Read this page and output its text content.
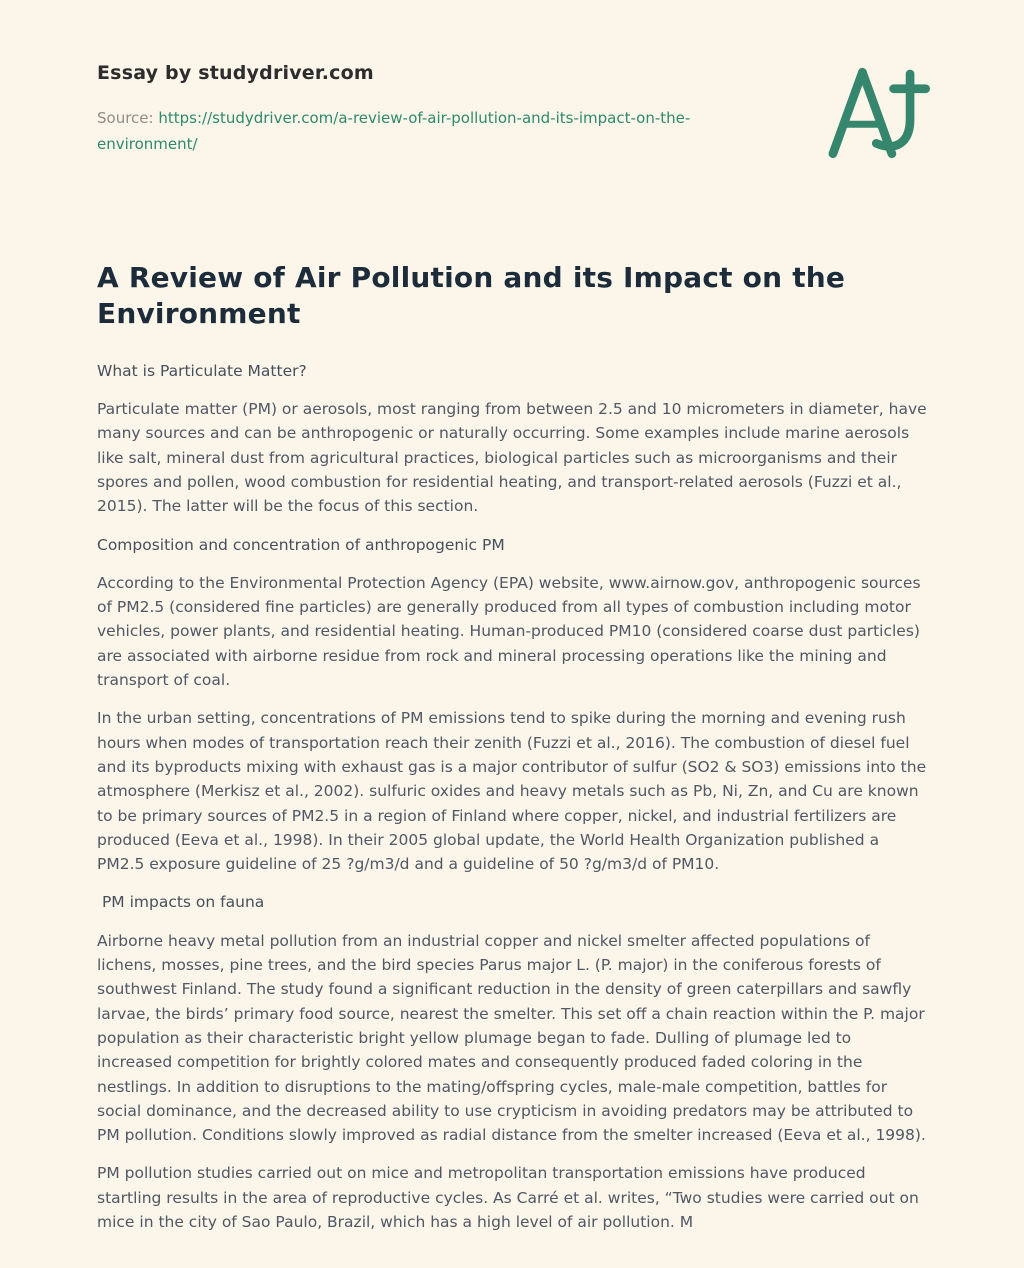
Essay by studydriver.com

Source: https://studydriver.com/a-review-of-air-pollution-and-its-impact-on-the-environment/

A Review of Air Pollution and its Impact on the Environment
What is Particulate Matter?

Particulate matter (PM) or aerosols, most ranging from between 2.5 and 10 micrometers in diameter, have many sources and can be anthropogenic or naturally occurring. Some examples include marine aerosols like salt, mineral dust from agricultural practices, biological particles such as microorganisms and their spores and pollen, wood combustion for residential heating, and transport-related aerosols (Fuzzi et al., 2015). The latter will be the focus of this section.

Composition and concentration of anthropogenic PM

According to the Environmental Protection Agency (EPA) website, www.airnow.gov, anthropogenic sources of PM2.5 (considered fine particles) are generally produced from all types of combustion including motor vehicles, power plants, and residential heating. Human-produced PM10 (considered coarse dust particles) are associated with airborne residue from rock and mineral processing operations like the mining and transport of coal.

In the urban setting, concentrations of PM emissions tend to spike during the morning and evening rush hours when modes of transportation reach their zenith (Fuzzi et al., 2016). The combustion of diesel fuel and its byproducts mixing with exhaust gas is a major contributor of sulfur (SO2 & SO3) emissions into the atmosphere (Merkisz et al., 2002). sulfuric oxides and heavy metals such as Pb, Ni, Zn, and Cu are known to be primary sources of PM2.5 in a region of Finland where copper, nickel, and industrial fertilizers are produced (Eeva et al., 1998). In their 2005 global update, the World Health Organization published a PM2.5 exposure guideline of 25 ?g/m3/d and a guideline of 50 ?g/m3/d of PM10.

PM impacts on fauna

Airborne heavy metal pollution from an industrial copper and nickel smelter affected populations of lichens, mosses, pine trees, and the bird species Parus major L. (P. major) in the coniferous forests of southwest Finland. The study found a significant reduction in the density of green caterpillars and sawfly larvae, the birds’ primary food source, nearest the smelter. This set off a chain reaction within the P. major population as their characteristic bright yellow plumage began to fade. Dulling of plumage led to increased competition for brightly colored mates and consequently produced faded coloring in the nestlings. In addition to disruptions to the mating/offspring cycles, male-male competition, battles for social dominance, and the decreased ability to use crypticism in avoiding predators may be attributed to PM pollution. Conditions slowly improved as radial distance from the smelter increased (Eeva et al., 1998).

PM pollution studies carried out on mice and metropolitan transportation emissions have produced startling results in the area of reproductive cycles. As Carré et al. writes, “Two studies were carried out on mice in the city of Sao Paulo, Brazil, which has a high level of air pollution. M
